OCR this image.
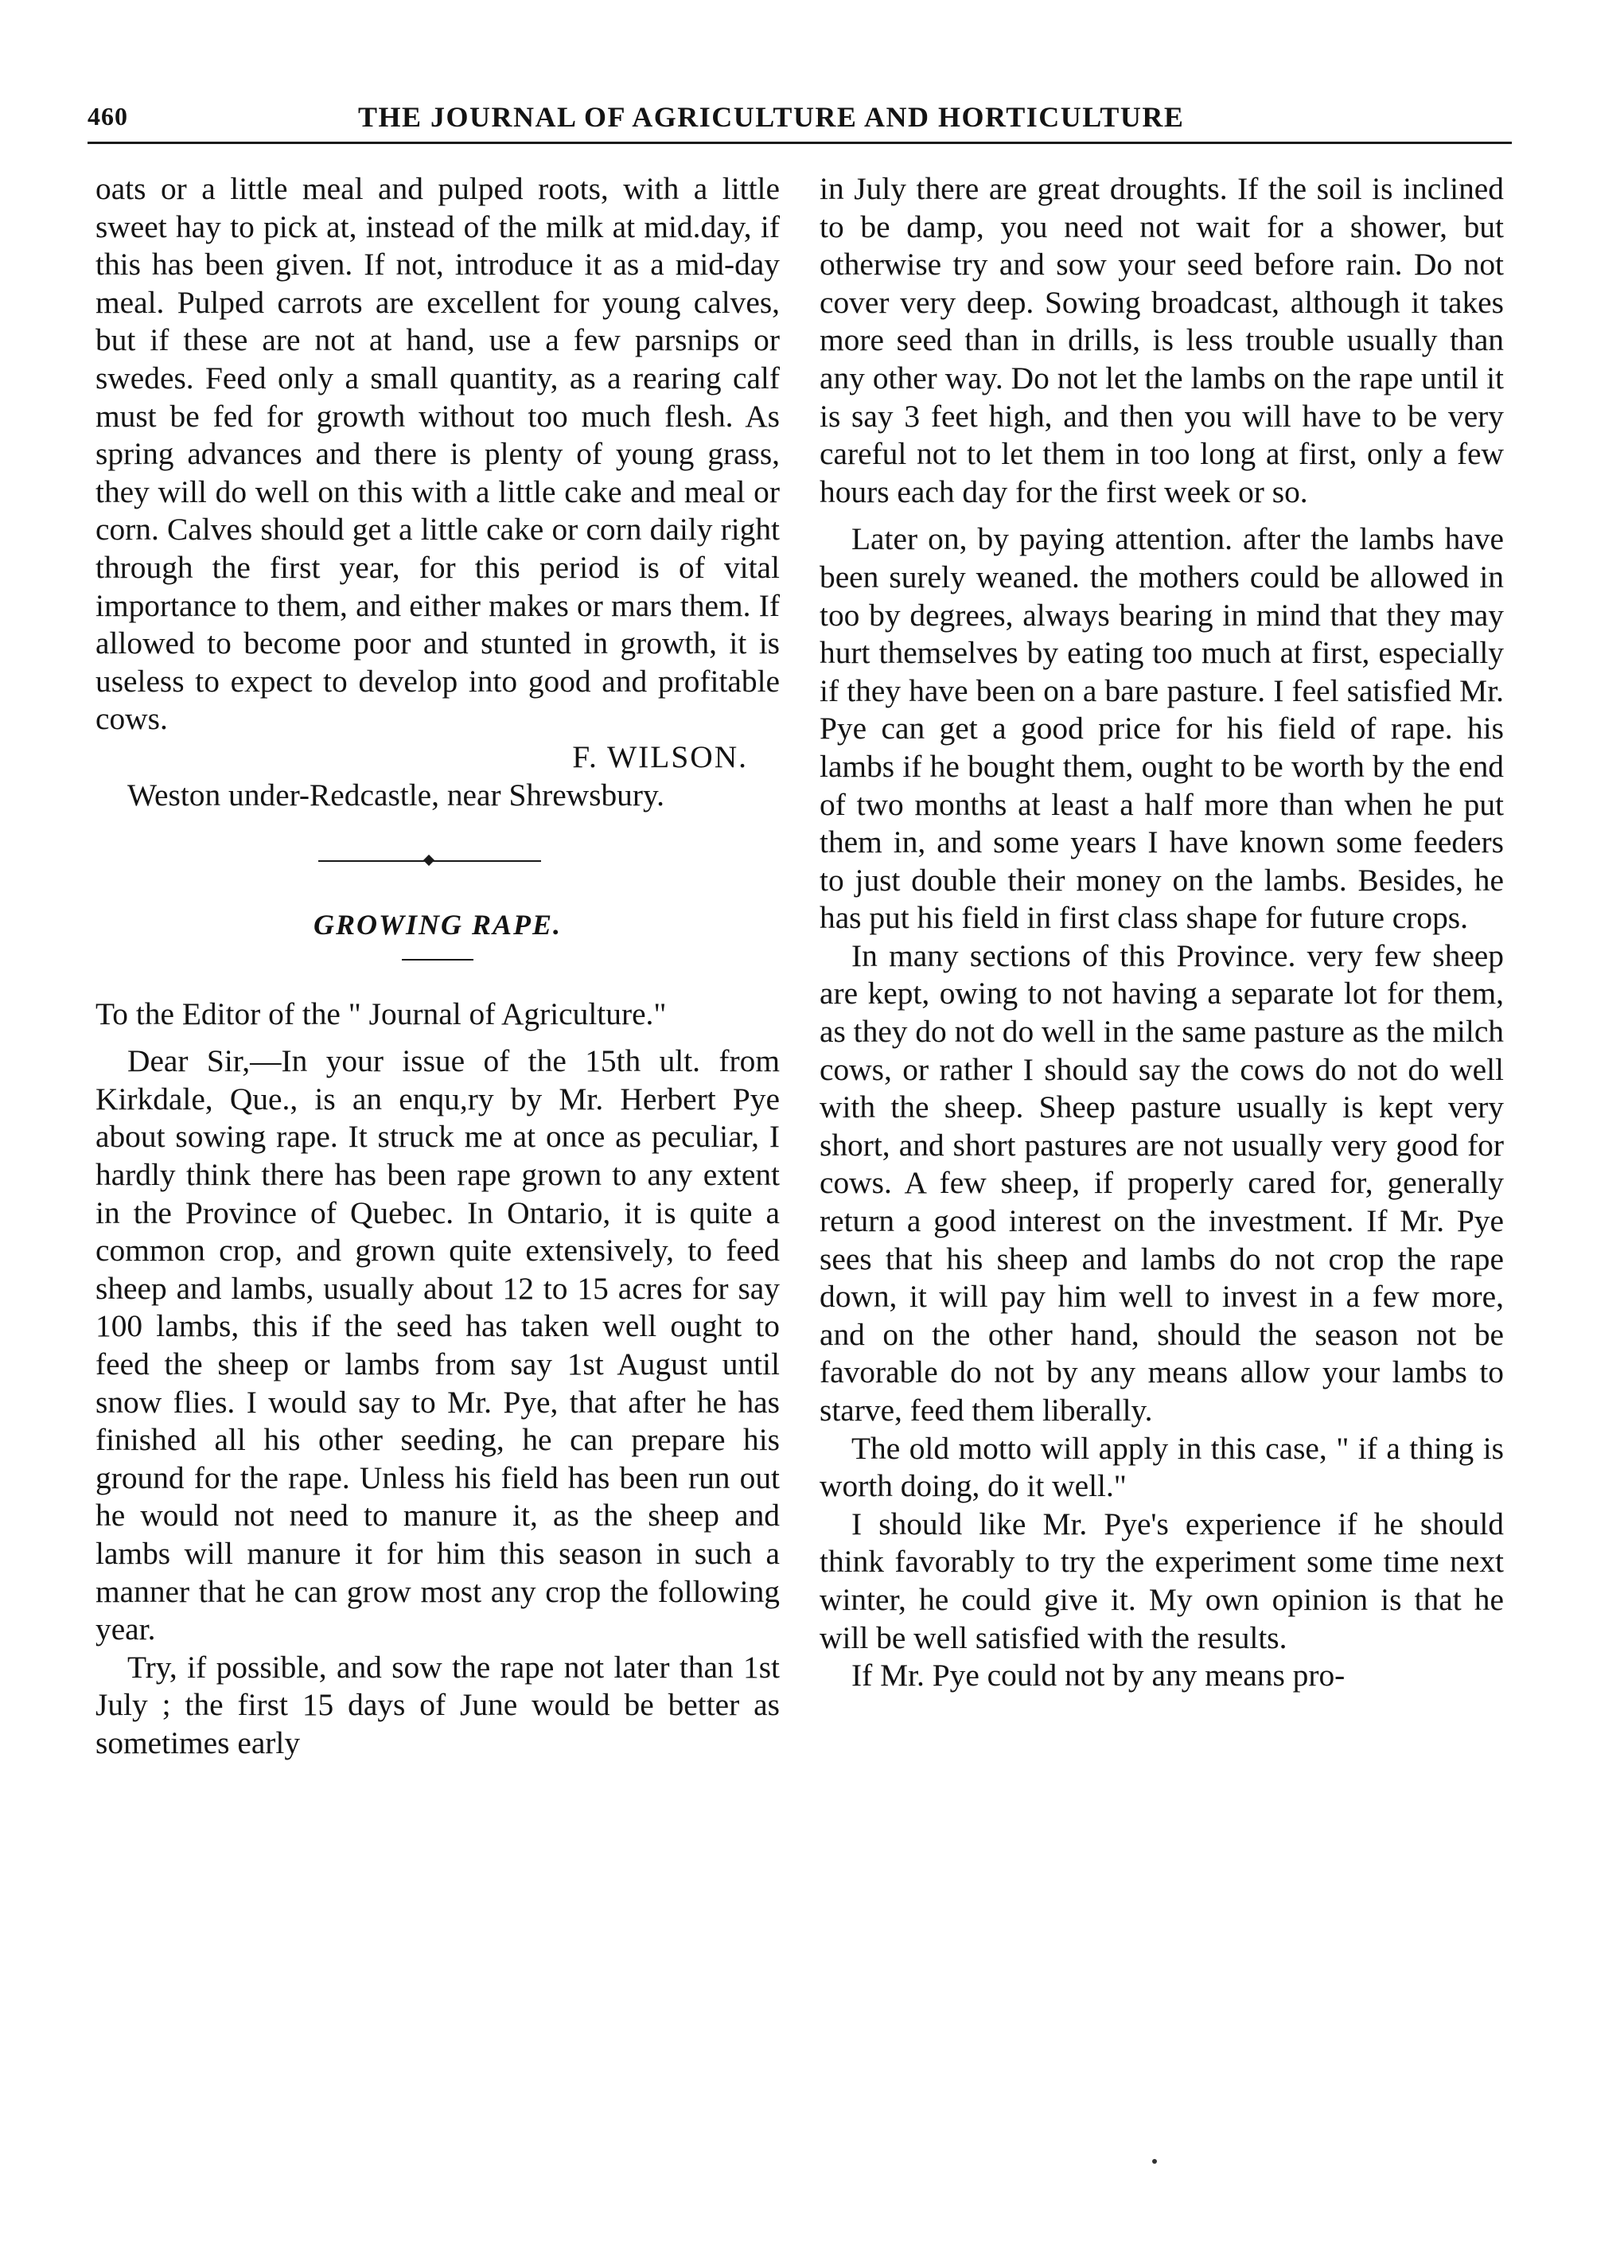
460	THE JOURNAL OF AGRICULTURE AND HORTICULTURE

oats or a little meal and pulped roots, with a little sweet hay to pick at, instead of the milk at mid.day, if this has been given. If not, introduce it as a mid-day meal. Pulped carrots are excellent for young calves, but if these are not at hand, use a few parsnips or swedes. Feed only a small quantity, as a rearing calf must be fed for growth without too much flesh. As spring advances and there is plenty of young grass, they will do well on this with a little cake and meal or corn. Calves should get a little cake or corn daily right through the first year, for this period is of vital importance to them, and either makes or mars them. If allowed to become poor and stunted in growth, it is useless to expect to develop into good and profitable cows.

F. WILSON.

Weston under-Redcastle, near Shrewsbury.

GROWING RAPE.

To the Editor of the " Journal of Agriculture."

Dear Sir,—In your issue of the 15th ult. from Kirkdale, Que., is an enqu,ry by Mr. Herbert Pye about sowing rape. It struck me at once as peculiar, I hardly think there has been rape grown to any extent in the Province of Quebec. In Ontario, it is quite a common crop, and grown quite extensively, to feed sheep and lambs, usually about 12 to 15 acres for say 100 lambs, this if the seed has taken well ought to feed the sheep or lambs from say 1st August until snow flies. I would say to Mr. Pye, that after he has finished all his other seeding, he can prepare his ground for the rape. Unless his field has been run out he would not need to manure it, as the sheep and lambs will manure it for him this season in such a manner that he can grow most any crop the following year.

Try, if possible, and sow the rape not later than 1st July ; the first 15 days of June would be better as sometimes early

in July there are great droughts. If the soil is inclined to be damp, you need not wait for a shower, but otherwise try and sow your seed before rain. Do not cover very deep. Sowing broadcast, although it takes more seed than in drills, is less trouble usually than any other way. Do not let the lambs on the rape until it is say 3 feet high, and then you will have to be very careful not to let them in too long at first, only a few hours each day for the first week or so.

Later on, by paying attention. after the lambs have been surely weaned. the mothers could be allowed in too by degrees, always bearing in mind that they may hurt themselves by eating too much at first, especially if they have been on a bare pasture. I feel satisfied Mr. Pye can get a good price for his field of rape. his lambs if he bought them, ought to be worth by the end of two months at least a half more than when he put them in, and some years I have known some feeders to just double their money on the lambs. Besides, he has put his field in first class shape for future crops.

In many sections of this Province. very few sheep are kept, owing to not having a separate lot for them, as they do not do well in the same pasture as the milch cows, or rather I should say the cows do not do well with the sheep. Sheep pasture usually is kept very short, and short pastures are not usually very good for cows. A few sheep, if properly cared for, generally return a good interest on the investment. If Mr. Pye sees that his sheep and lambs do not crop the rape down, it will pay him well to invest in a few more, and on the other hand, should the season not be favorable do not by any means allow your lambs to starve, feed them liberally.

The old motto will apply in this case, " if a thing is worth doing, do it well."

I should like Mr. Pye's experience if he should think favorably to try the experiment some time next winter, he could give it. My own opinion is that he will be well satisfied with the results.

If Mr. Pye could not by any means pro-
